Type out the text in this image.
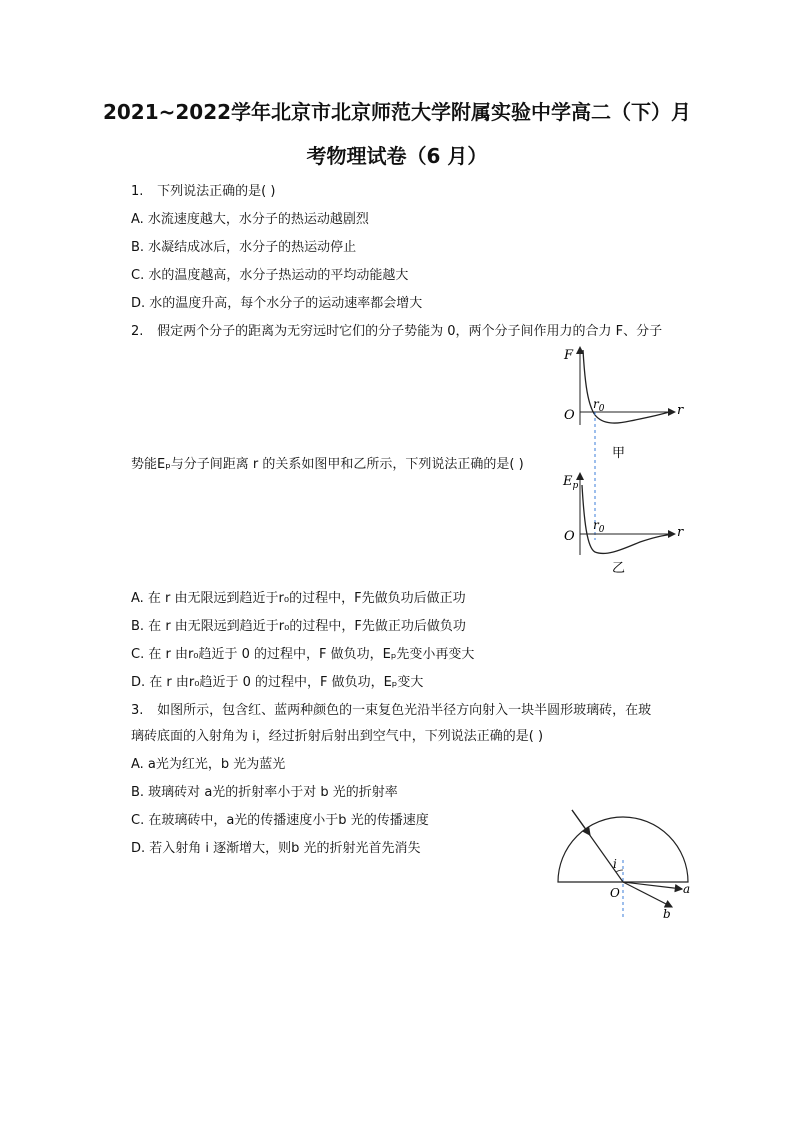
2021~2022学年北京市北京师范大学附属实验中学高二（下）月
考物理试卷（6 月）
1. 下列说法正确的是( )
A. 水流速度越大，水分子的热运动越剧烈
B. 水凝结成冰后，水分子的热运动停止
C. 水的温度越高，水分子热运动的平均动能越大
D. 水的温度升高，每个水分子的运动速率都会增大
2. 假定两个分子的距离为无穷远时它们的分子势能为 0，两个分子间作用力的合力 F、分子
势能Eₚ与分子间距离 r 的关系如图甲和乙所示，下列说法正确的是( )
F
O	r
$r_0$
甲
$E_p$
O	r
$r_0$
乙
A. 在 r 由无限远到趋近于r₀的过程中，F先做负功后做正功
B. 在 r 由无限远到趋近于r₀的过程中，F先做正功后做负功
C. 在 r 由r₀趋近于 0 的过程中，F 做负功，Eₚ先变小再变大
D. 在 r 由r₀趋近于 0 的过程中，F 做负功，Eₚ变大
3. 如图所示，包含红、蓝两种颜色的一束复色光沿半径方向射入一块半圆形玻璃砖，在玻
璃砖底面的入射角为 i，经过折射后射出到空气中，下列说法正确的是( )
A. a光为红光，b 光为蓝光
B. 玻璃砖对 a光的折射率小于对 b 光的折射率
C. 在玻璃砖中，a光的传播速度小于b 光的传播速度
D. 若入射角 i 逐渐增大，则b 光的折射光首先消失
i
O	a
b
